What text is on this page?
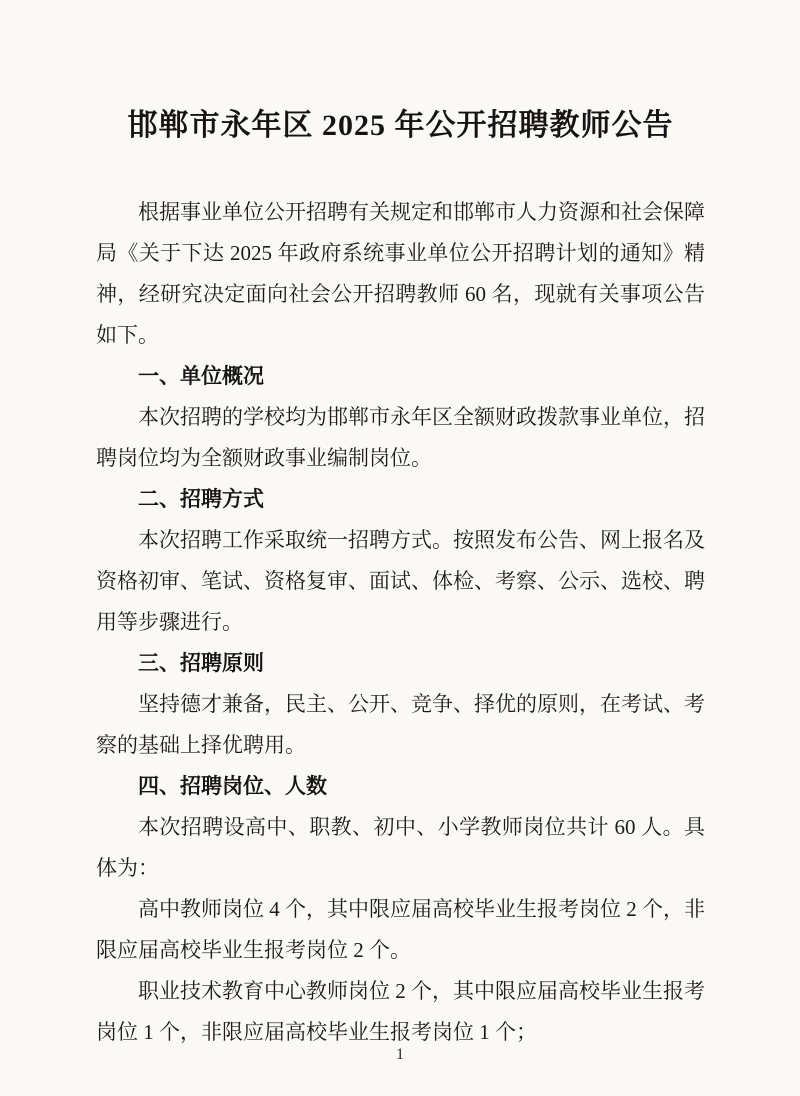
邯郸市永年区 2025 年公开招聘教师公告

根据事业单位公开招聘有关规定和邯郸市人力资源和社会保障局《关于下达 2025 年政府系统事业单位公开招聘计划的通知》精神，经研究决定面向社会公开招聘教师 60 名，现就有关事项公告如下。

一、单位概况

本次招聘的学校均为邯郸市永年区全额财政拨款事业单位，招聘岗位均为全额财政事业编制岗位。

二、招聘方式

本次招聘工作采取统一招聘方式。按照发布公告、网上报名及资格初审、笔试、资格复审、面试、体检、考察、公示、选校、聘用等步骤进行。

三、招聘原则

坚持德才兼备，民主、公开、竞争、择优的原则，在考试、考察的基础上择优聘用。

四、招聘岗位、人数

本次招聘设高中、职教、初中、小学教师岗位共计 60 人。具体为：

高中教师岗位 4 个，其中限应届高校毕业生报考岗位 2 个，非限应届高校毕业生报考岗位 2 个。

职业技术教育中心教师岗位 2 个，其中限应届高校毕业生报考岗位 1 个，非限应届高校毕业生报考岗位 1 个；

1
